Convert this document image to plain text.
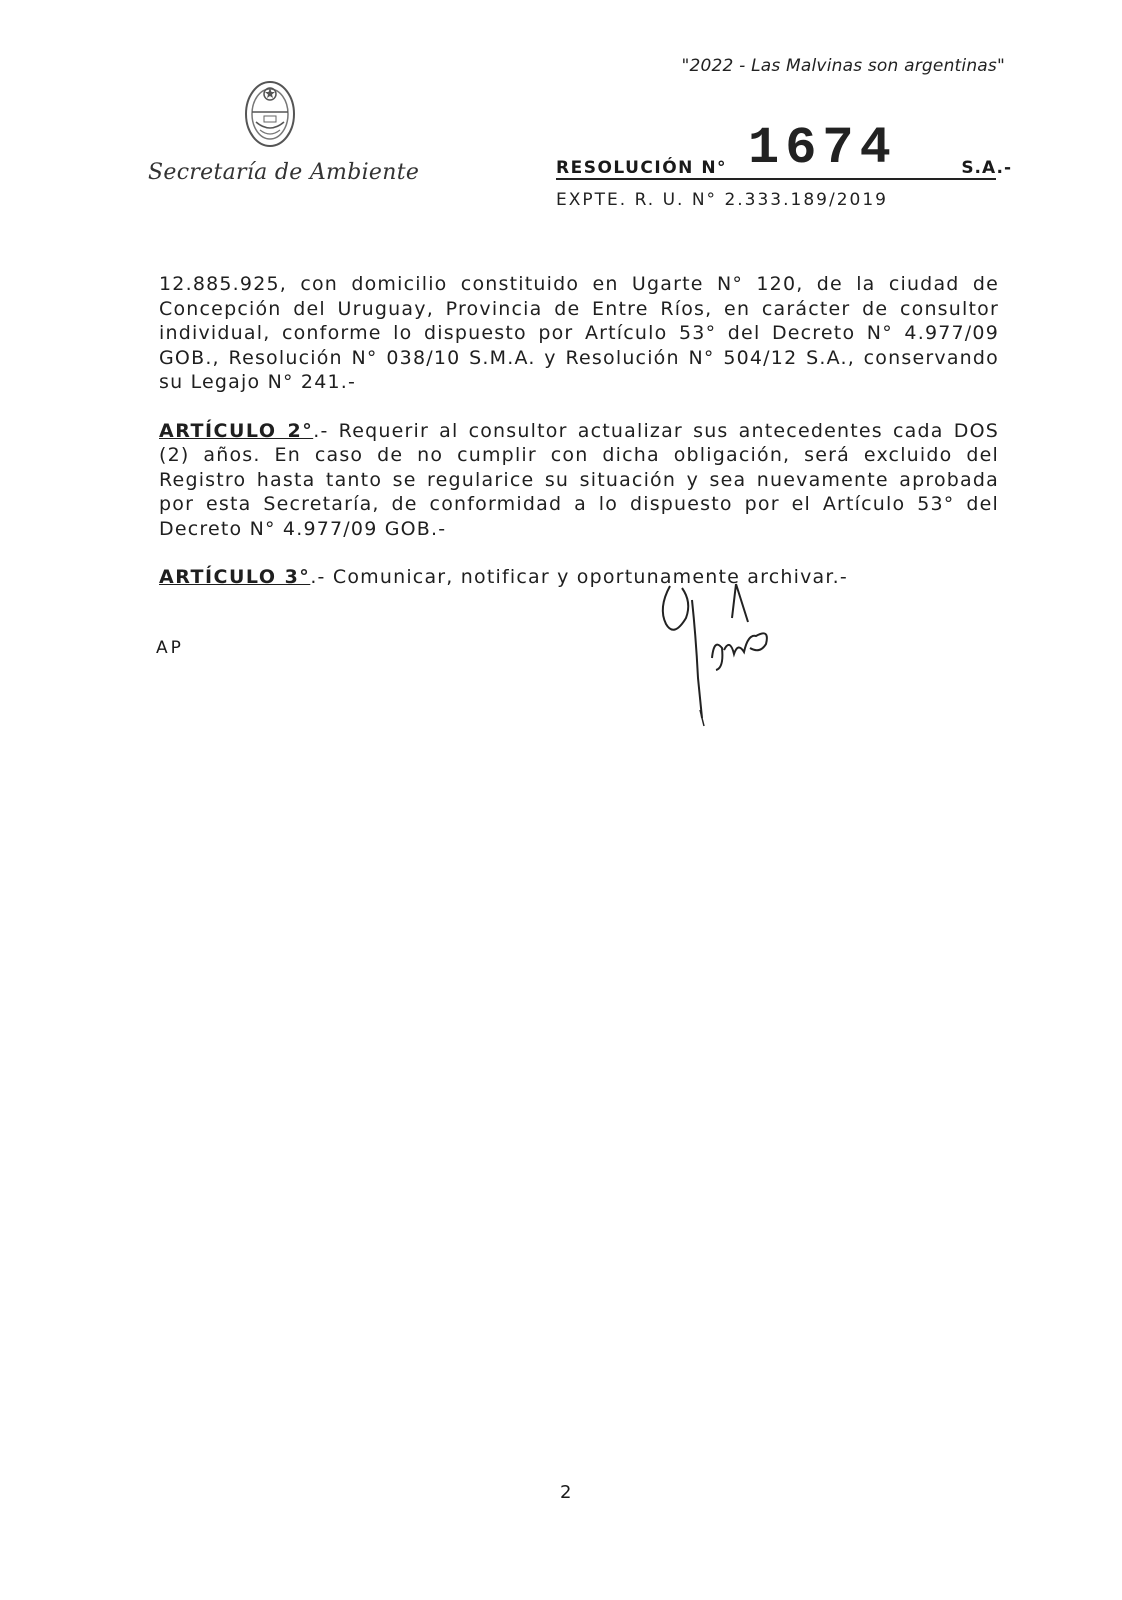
"2022 - Las Malvinas son argentinas"
Secretaría de Ambiente	RESOLUCIÓN N° 1674	S.A.-
EXPTE. R. U. N° 2.333.189/2019

12.885.925, con domicilio constituido en Ugarte N° 120, de la ciudad de Concepción del Uruguay, Provincia de Entre Ríos, en carácter de consultor individual, conforme lo dispuesto por Artículo 53° del Decreto N° 4.977/09 GOB., Resolución N° 038/10 S.M.A. y Resolución N° 504/12 S.A., conservando su Legajo N° 241.-

ARTÍCULO 2°.- Requerir al consultor actualizar sus antecedentes cada DOS (2) años. En caso de no cumplir con dicha obligación, será excluido del Registro hasta tanto se regularice su situación y sea nuevamente aprobada por esta Secretaría, de conformidad a lo dispuesto por el Artículo 53° del Decreto N° 4.977/09 GOB.-

ARTÍCULO 3°.- Comunicar, notificar y oportunamente archivar.-

AP
2
